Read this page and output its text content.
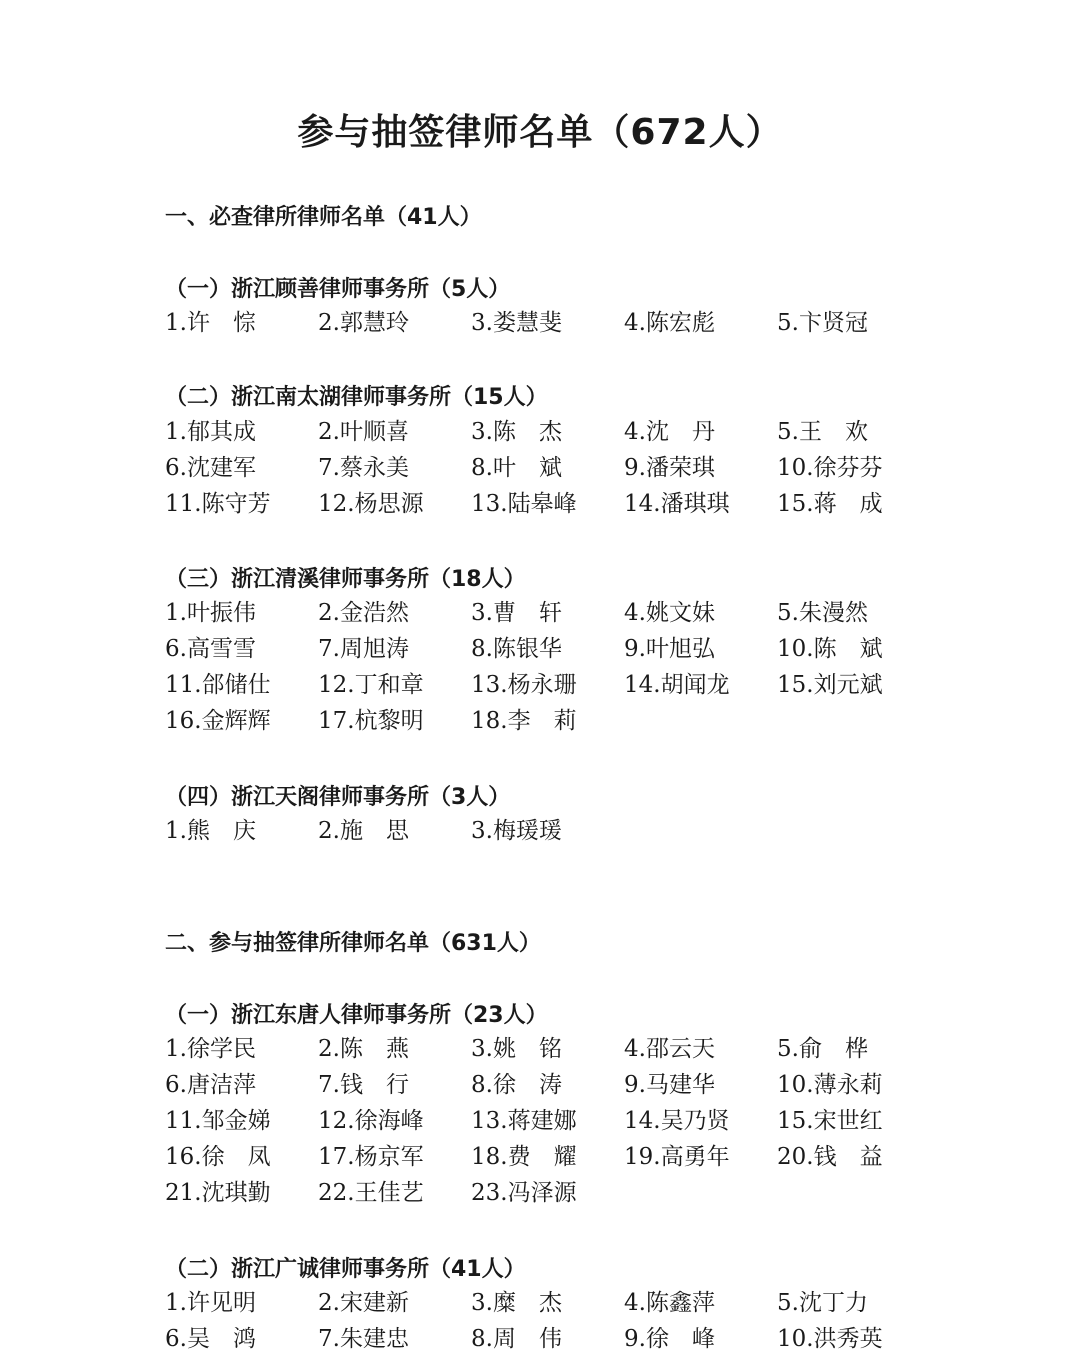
参与抽签律师名单（672人）
一、必查律所律师名单（41人）
（一）浙江顾善律师事务所（5人）
1.许　悰	2.郭慧玲	3.娄慧斐	4.陈宏彪	5.卞贤冠
（二）浙江南太湖律师事务所（15人）
1.郁其成	2.叶顺喜	3.陈　杰	4.沈　丹	5.王　欢
6.沈建军	7.蔡永美	8.叶　斌	9.潘荣琪	10.徐芬芬
11.陈守芳 12.杨思源 13.陆皋峰 14.潘琪琪 15.蒋　成
（三）浙江清溪律师事务所（18人）
1.叶振伟	2.金浩然	3.曹　轩	4.姚文妹	5.朱漫然
6.高雪雪	7.周旭涛	8.陈银华	9.叶旭弘	10.陈　斌
11.郃储仕 12.丁和章 13.杨永珊 14.胡闻龙 15.刘元斌
16.金辉辉 17.杭黎明 18.李　莉
（四）浙江天阁律师事务所（3人）
1.熊　庆	2.施　思	3.梅瑗瑗
二、参与抽签律所律师名单（631人）
（一）浙江东唐人律师事务所（23人）
1.徐学民	2.陈　燕	3.姚　铭	4.邵云天	5.俞　桦
6.唐洁萍	7.钱　行	8.徐　涛	9.马建华	10.薄永莉
11.邹金娣 12.徐海峰 13.蒋建娜 14.吴乃贤 15.宋世红
16.徐　凤 17.杨京军 18.费　耀 19.高勇年 20.钱　益
21.沈琪勤 22.王佳艺 23.冯泽源
（二）浙江广诚律师事务所（41人）
1.许见明	2.宋建新	3.糜　杰	4.陈鑫萍	5.沈丁力
6.吴　鸿	7.朱建忠	8.周　伟	9.徐　峰	10.洪秀英
